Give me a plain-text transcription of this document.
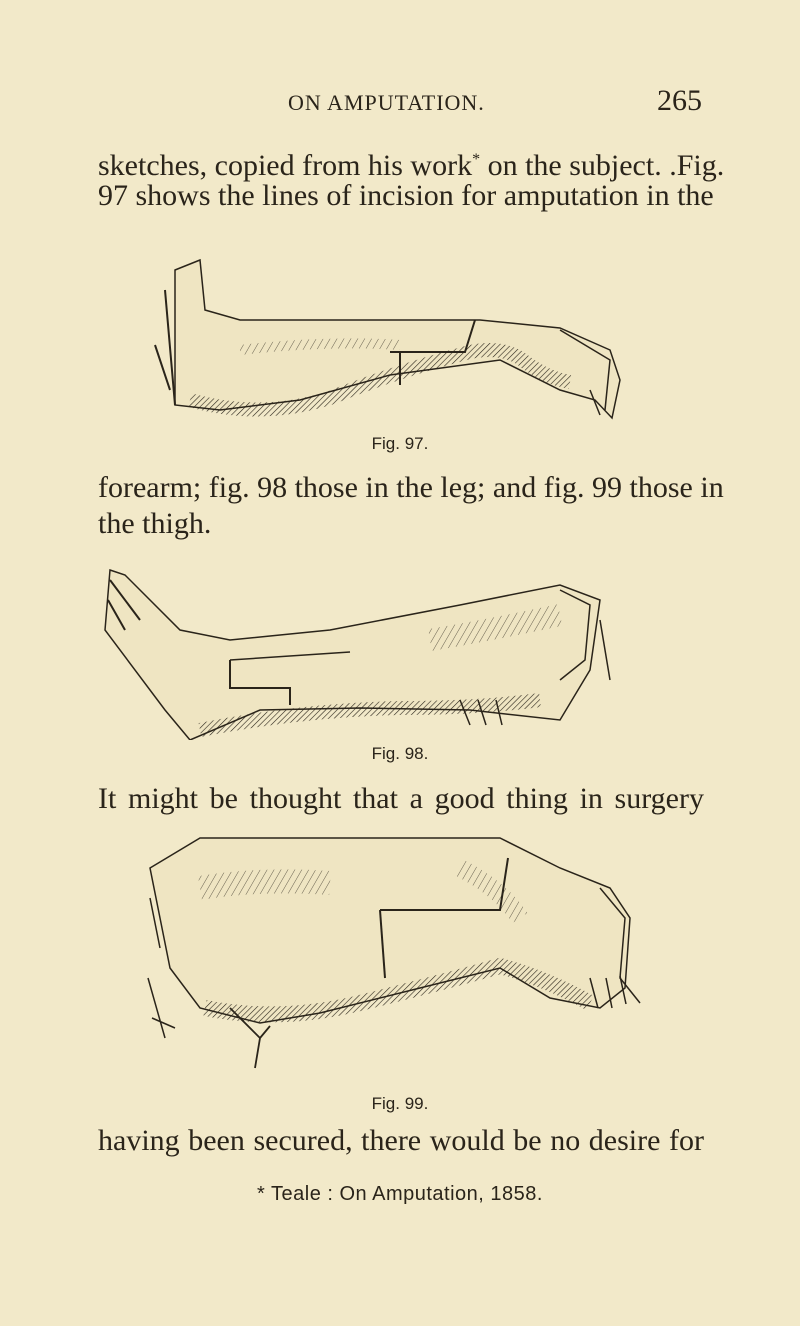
ON AMPUTATION.	265

sketches, copied from his work* on the subject. .Fig.

97 shows the lines of incision for amputation in the

Fig. 97.

forearm; fig. 98 those in the leg; and fig. 99 those in

the thigh.

Fig. 98.

It might be thought that a good thing in surgery

Fig. 99.

having been secured, there would be no desire for

* Teale : On Amputation, 1858.
